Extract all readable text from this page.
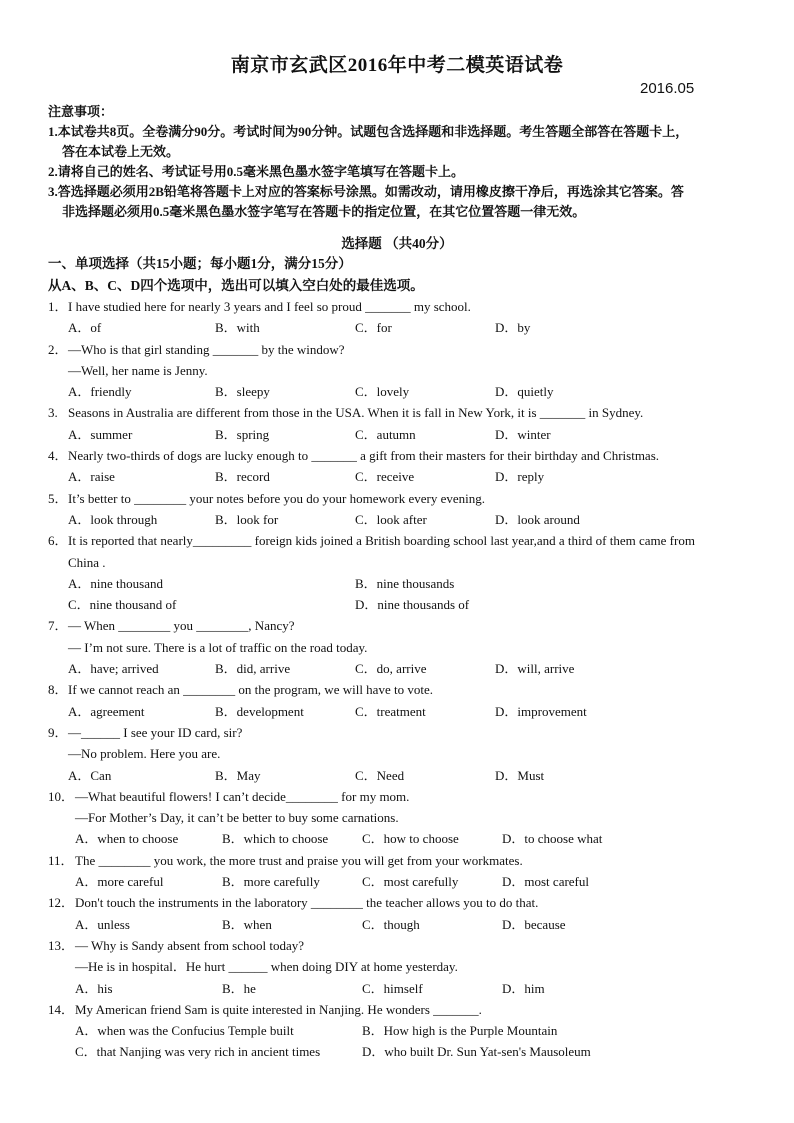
南京市玄武区2016年中考二模英语试卷
2016.05
注意事项：
1.本试卷共8页。全卷满分90分。考试时间为90分钟。试题包含选择题和非选择题。考生答题全部答在答题卡上，
答在本试卷上无效。
2.请将自己的姓名、考试证号用0.5毫米黑色墨水签字笔填写在答题卡上。
3.答选择题必须用2B铅笔将答题卡上对应的答案标号涂黑。如需改动，请用橡皮擦干净后，再选涂其它答案。答
非选择题必须用0.5毫米黑色墨水签字笔写在答题卡的指定位置，在其它位置答题一律无效。
选择题 （共40分）
一、单项选择（共15小题；每小题1分，满分15分）
从A、B、C、D四个选项中，选出可以填入空白处的最佳选项。
1．I have studied here for nearly 3 years and I feel so proud _______ my school.
A．of	B．with	C．for	D．by
2．—Who is that girl standing _______ by the window?
—Well, her name is Jenny.
A．friendly	B．sleepy	C．lovely	D．quietly
3. Seasons in Australia are different from those in the USA. When it is fall in New York, it is _______ in Sydney.
A．summer	B．spring	C．autumn	D．winter
4．Nearly two-thirds of dogs are lucky enough to _______ a gift from their masters for their birthday and Christmas.
A．raise	B．record	C．receive	D．reply
5．It’s better to ________ your notes before you do your homework every evening.
A．look through	B．look for	C．look after	D．look around
6．It is reported that nearly_________ foreign kids joined a British boarding school last year,and a third of them came from
China .
A．nine thousand	B．nine thousands
C．nine thousand of	D．nine thousands of
7．— When ________ you ________, Nancy?
— I’m not sure. There is a lot of traffic on the road today.
A．have; arrived	B．did, arrive	C．do, arrive	D．will, arrive
8．If we cannot reach an ________ on the program, we will have to vote.
A．agreement	B．development	C．treatment	D．improvement
9．—______ I see your ID card, sir?
—No problem. Here you are.
A．Can	B．May	C．Need	D．Must
10．—What beautiful flowers! I can’t decide________ for my mom.
—For Mother’s Day, it can’t be better to buy some carnations.
A．when to choose	B．which to choose	C．how to choose	D．to choose what
11．The ________ you work, the more trust and praise you will get from your workmates.
A．more careful	B．more carefully	C．most carefully	D．most careful
12．Don't touch the instruments in the laboratory ________ the teacher allows you to do that.
A．unless	B．when	C．though	D．because
13．— Why is Sandy absent from school today?
—He is in hospital．He hurt ______ when doing DIY at home yesterday.
A．his	B．he	C．himself	D．him
14．My American friend Sam is quite interested in Nanjing. He wonders _______.
A．when was the Confucius Temple built	B．How high is the Purple Mountain
C．that Nanjing was very rich in ancient times	D．who built Dr. Sun Yat-sen's Mausoleum
